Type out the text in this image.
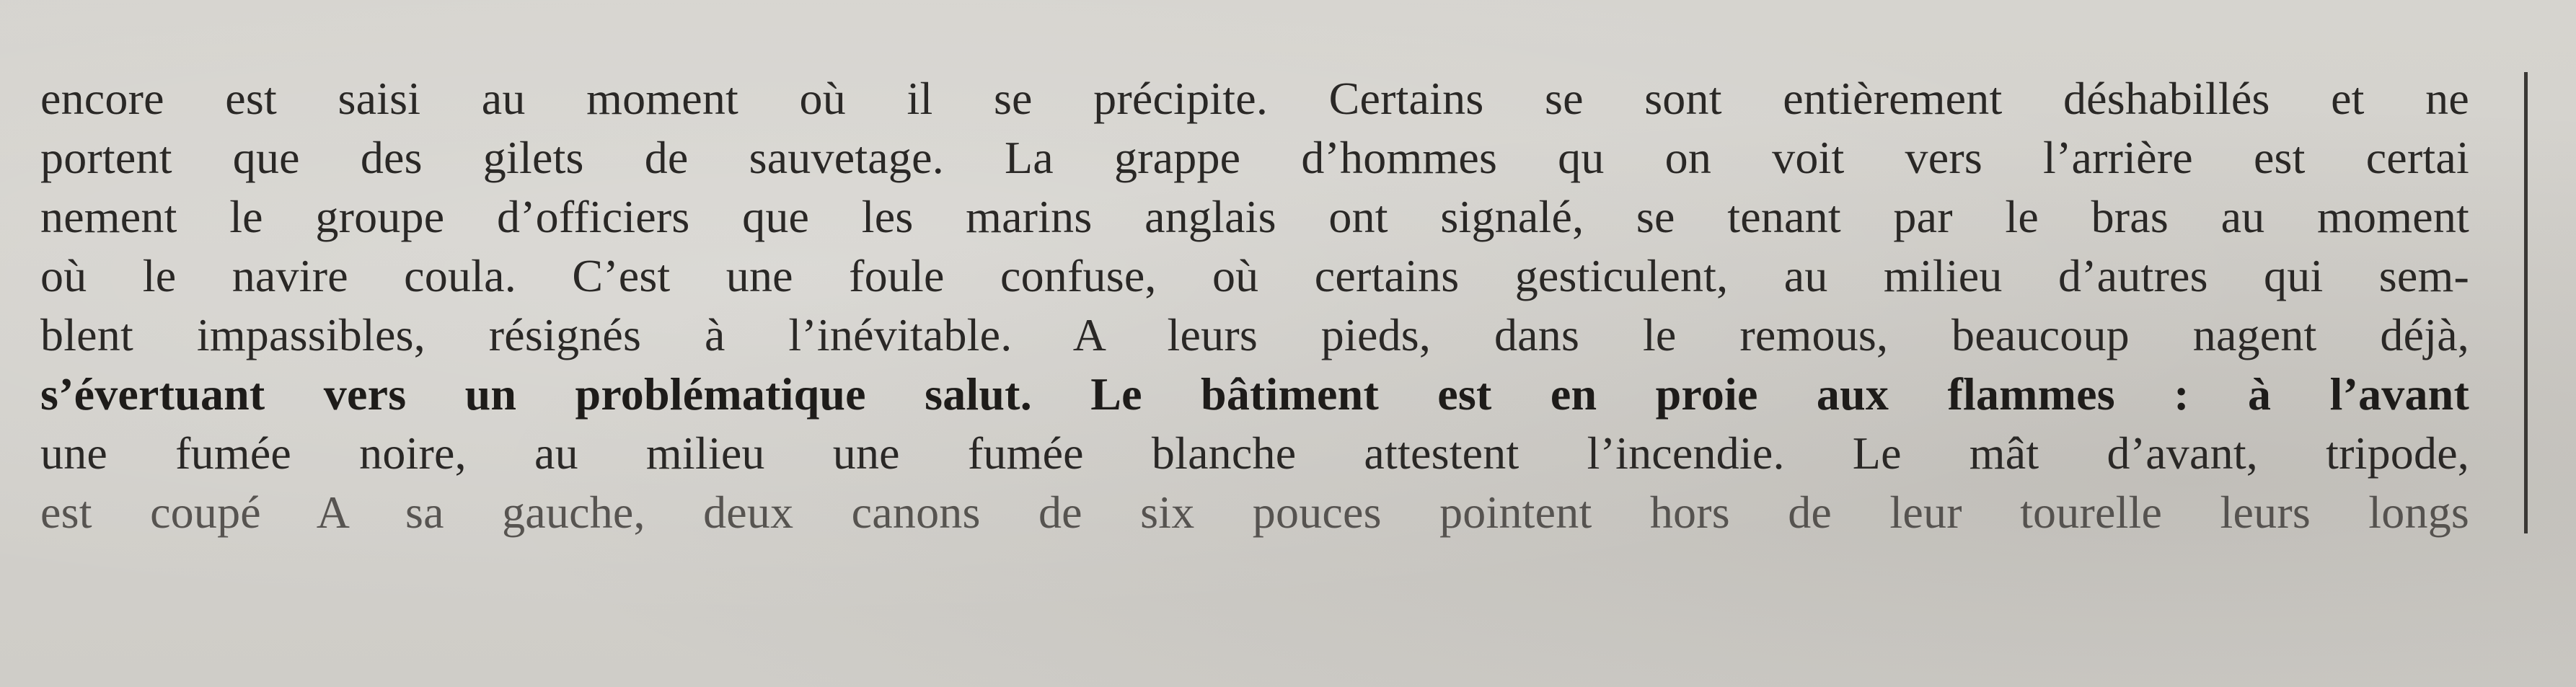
encore est saisi au moment où il se précipite. Certains se sont entièrement déshabillés et ne
portent que des gilets de sauvetage. La grappe d’hommes qu on voit vers l’arrière est certai
nement le groupe d’officiers que les marins anglais ont signalé, se tenant par le bras au moment
où le navire coula. C’est une foule confuse, où certains gesticulent, au milieu d’autres qui sem-
blent impassibles, résignés à l’inévitable. A leurs pieds, dans le remous, beaucoup nagent déjà,
s’évertuant vers un problématique salut. Le bâtiment est en proie aux flammes : à l’avant
une fumée noire, au milieu une fumée blanche attestent l’incendie. Le mât d’avant, tripode,
est coupé A sa gauche, deux canons de six pouces pointent hors de leur tourelle leurs longs
